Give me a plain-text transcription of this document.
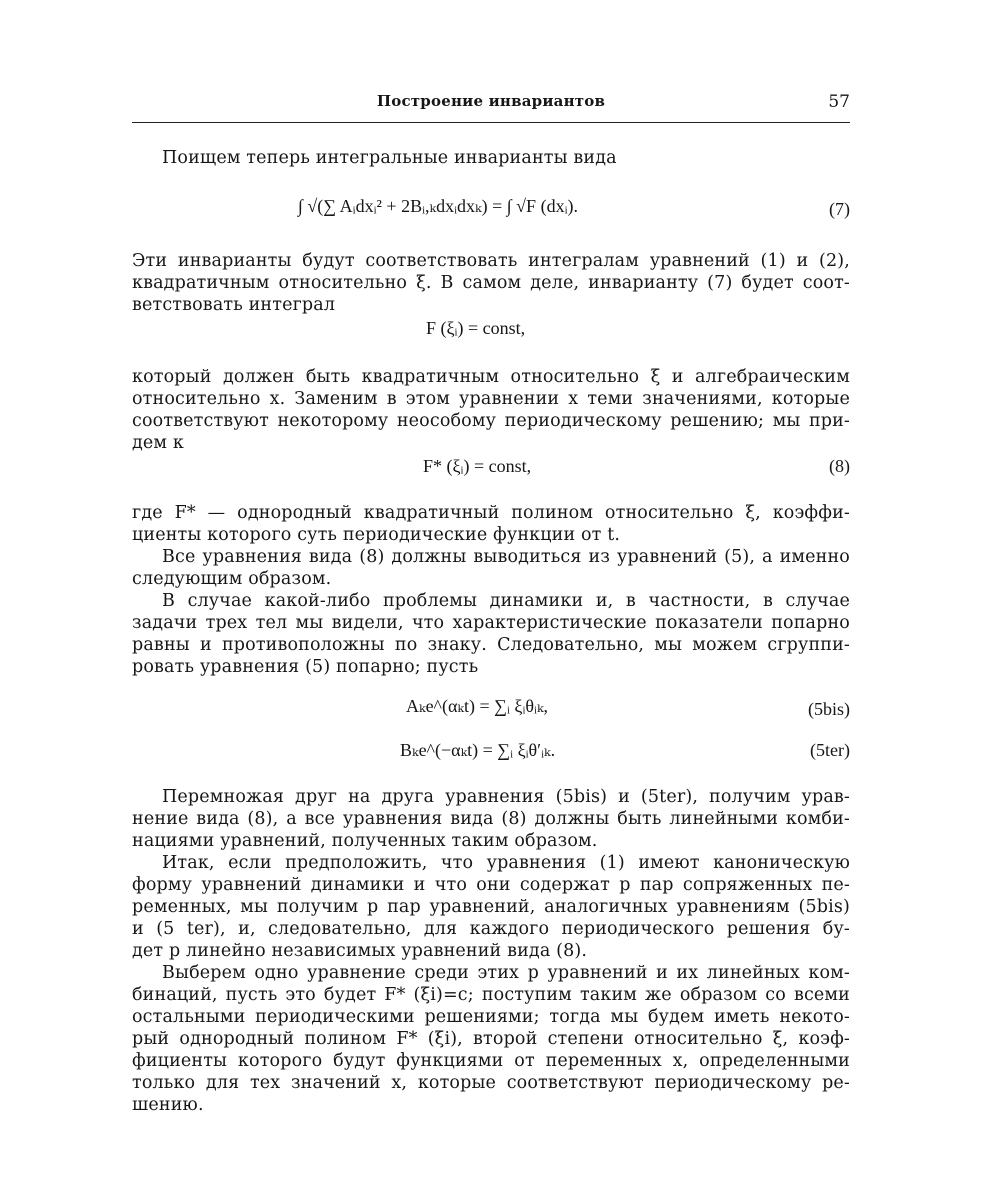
Построение инвариантов	57
Поищем теперь интегральные инварианты вида
∫ √(∑ Aᵢdxᵢ² + 2Bᵢ,ₖdxᵢdxₖ) = ∫ √F (dxᵢ).	(7)
Эти инварианты будут соответствовать интегралам уравнений (1) и (2),
квадратичным относительно ξ. В самом деле, инварианту (7) будет соот-
ветствовать интеграл
F (ξᵢ) = const,
который должен быть квадратичным относительно ξ и алгебраическим
относительно x. Заменим в этом уравнении x теми значениями, которые
соответствуют некоторому неособому периодическому решению; мы при-
дем к
F* (ξᵢ) = const,	(8)
где F* — однородный квадратичный полином относительно ξ, коэффи-
циенты которого суть периодические функции от t.
Все уравнения вида (8) должны выводиться из уравнений (5), а именно
следующим образом.
В случае какой-либо проблемы динамики и, в частности, в случае
задачи трех тел мы видели, что характеристические показатели попарно
равны и противоположны по знаку. Следовательно, мы можем сгруппи-
ровать уравнения (5) попарно; пусть
Aₖe^(αₖt) = ∑ᵢ ξᵢθᵢₖ,	(5bis)
Bₖe^(−αₖt) = ∑ᵢ ξᵢθ′ᵢₖ.	(5ter)
Перемножая друг на друга уравнения (5bis) и (5ter), получим урав-
нение вида (8), а все уравнения вида (8) должны быть линейными комби-
нациями уравнений, полученных таким образом.
Итак, если предположить, что уравнения (1) имеют каноническую
форму уравнений динамики и что они содержат p пар сопряженных пе-
ременных, мы получим p пар уравнений, аналогичных уравнениям (5bis)
и (5 ter), и, следовательно, для каждого периодического решения бу-
дет p линейно независимых уравнений вида (8).
Выберем одно уравнение среди этих p уравнений и их линейных ком-
бинаций, пусть это будет F* (ξi)=c; поступим таким же образом со всеми
остальными периодическими решениями; тогда мы будем иметь некото-
рый однородный полином F* (ξi), второй степени относительно ξ, коэф-
фициенты которого будут функциями от переменных x, определенными
только для тех значений x, которые соответствуют периодическому ре-
шению.
